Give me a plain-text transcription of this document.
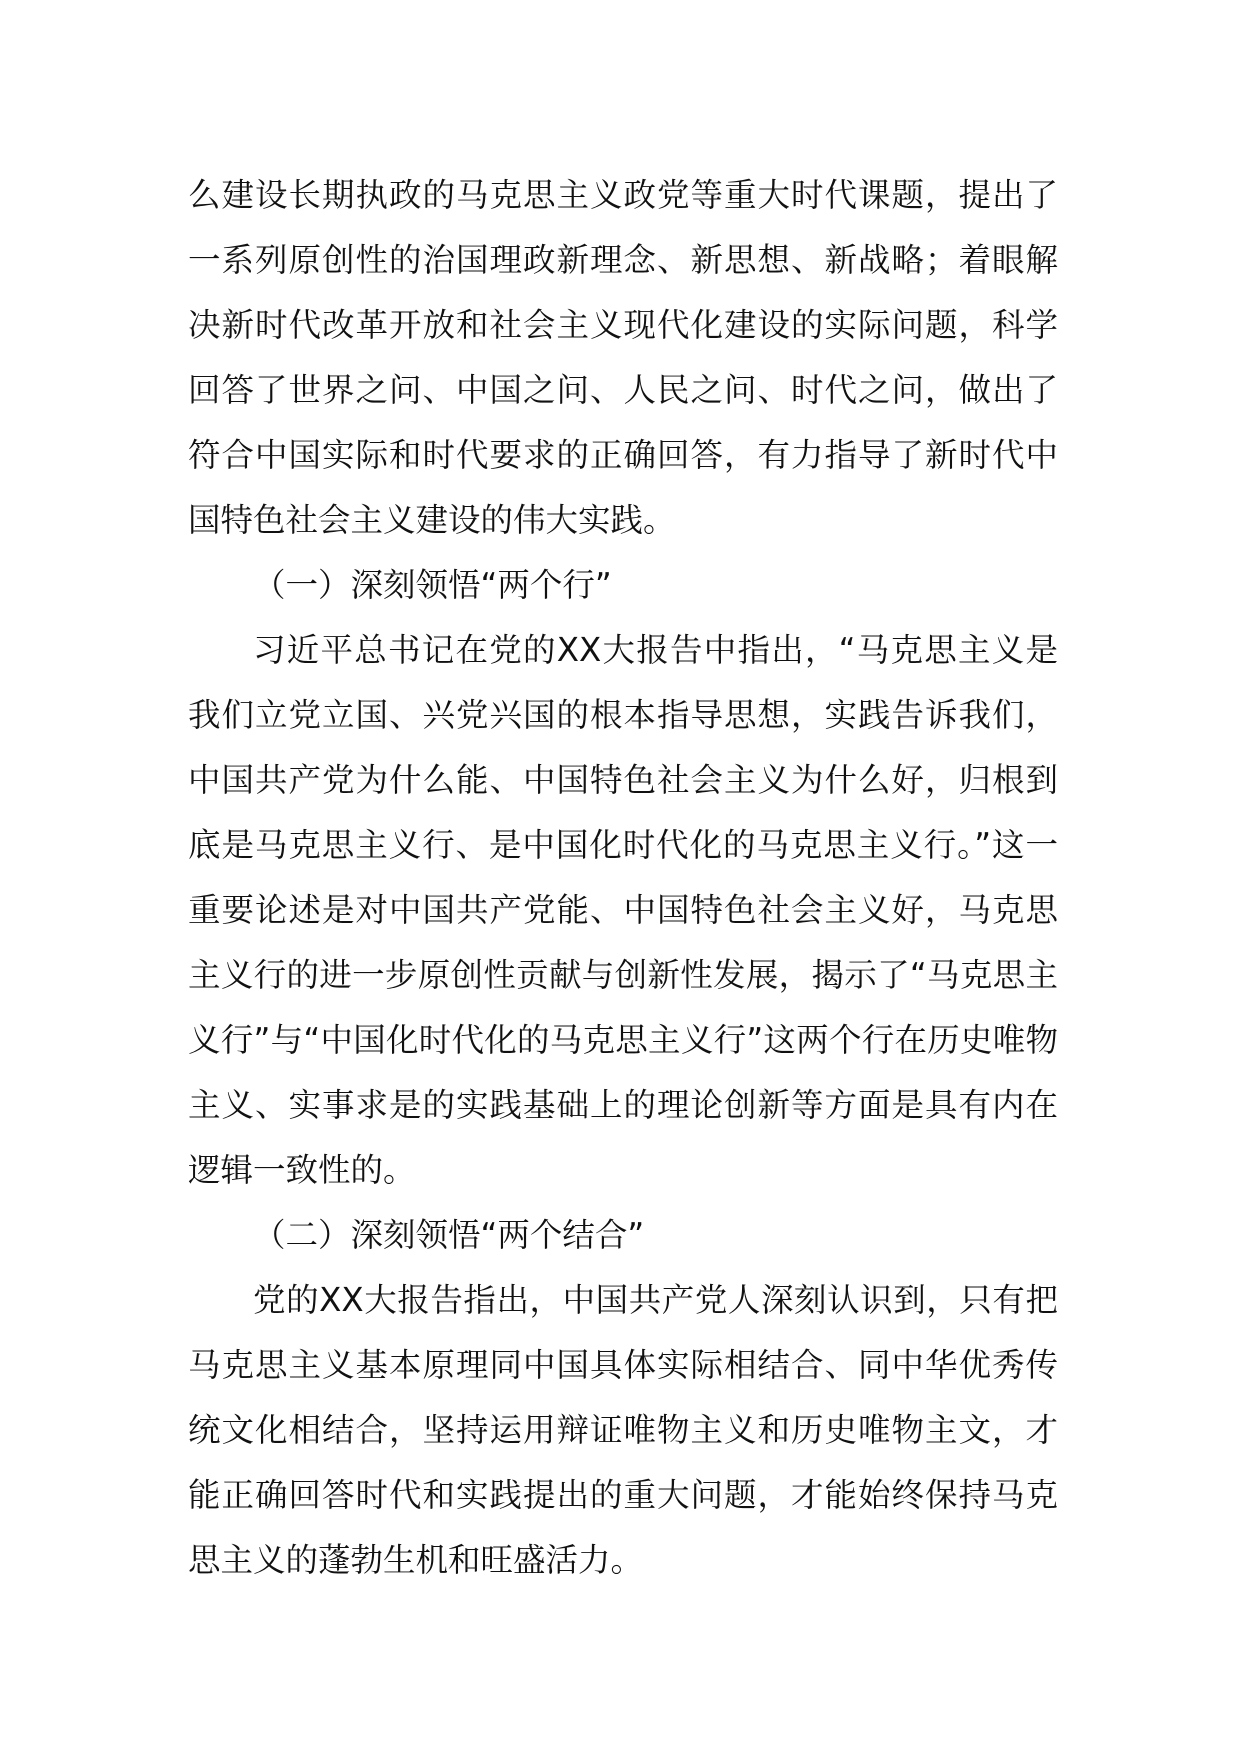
么建设长期执政的马克思主义政党等重大时代课题，提出了一系列原创性的治国理政新理念、新思想、新战略；着眼解决新时代改革开放和社会主义现代化建设的实际问题，科学回答了世界之问、中国之问、人民之问、时代之问，做出了符合中国实际和时代要求的正确回答，有力指导了新时代中国特色社会主义建设的伟大实践。

（一）深刻领悟“两个行”

习近平总书记在党的XX大报告中指出，“马克思主义是我们立党立国、兴党兴国的根本指导思想，实践告诉我们，中国共产党为什么能、中国特色社会主义为什么好，归根到底是马克思主义行、是中国化时代化的马克思主义行。”这一重要论述是对中国共产党能、中国特色社会主义好，马克思主义行的进一步原创性贡献与创新性发展，揭示了“马克思主义行”与“中国化时代化的马克思主义行”这两个行在历史唯物主义、实事求是的实践基础上的理论创新等方面是具有内在逻辑一致性的。

（二）深刻领悟“两个结合”

党的XX大报告指出，中国共产党人深刻认识到，只有把马克思主义基本原理同中国具体实际相结合、同中华优秀传统文化相结合，坚持运用辩证唯物主义和历史唯物主文，才能正确回答时代和实践提出的重大问题，才能始终保持马克思主义的蓬勃生机和旺盛活力。
